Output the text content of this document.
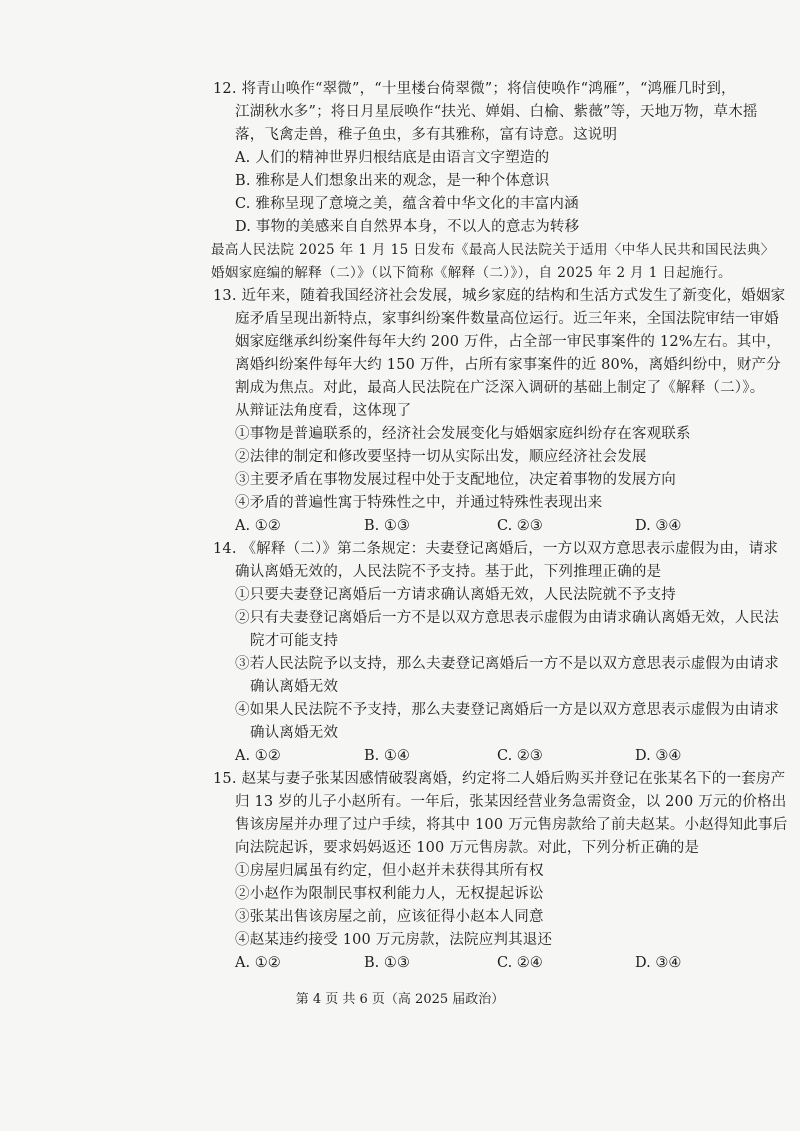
12. 将青山唤作“翠微”，“十里楼台倚翠微”；将信使唤作“鸿雁”，“鸿雁几时到，
江湖秋水多”；将日月星辰唤作“扶光、婵娟、白榆、紫薇”等，天地万物，草木摇
落，飞禽走兽，稚子鱼虫，多有其雅称，富有诗意。这说明
A. 人们的精神世界归根结底是由语言文字塑造的
B. 雅称是人们想象出来的观念，是一种个体意识
C. 雅称呈现了意境之美，蕴含着中华文化的丰富内涵
D. 事物的美感来自自然界本身，不以人的意志为转移
最高人民法院 2025 年 1 月 15 日发布《最高人民法院关于适用〈中华人民共和国民法典〉
婚姻家庭编的解释（二）》（以下简称《解释（二）》），自 2025 年 2 月 1 日起施行。
13. 近年来，随着我国经济社会发展，城乡家庭的结构和生活方式发生了新变化，婚姻家
庭矛盾呈现出新特点，家事纠纷案件数量高位运行。近三年来，全国法院审结一审婚
姻家庭继承纠纷案件每年大约 200 万件，占全部一审民事案件的 12%左右。其中，
离婚纠纷案件每年大约 150 万件，占所有家事案件的近 80%，离婚纠纷中，财产分
割成为焦点。对此，最高人民法院在广泛深入调研的基础上制定了《解释（二）》。
从辩证法角度看，这体现了
①事物是普遍联系的，经济社会发展变化与婚姻家庭纠纷存在客观联系
②法律的制定和修改要坚持一切从实际出发，顺应经济社会发展
③主要矛盾在事物发展过程中处于支配地位，决定着事物的发展方向
④矛盾的普遍性寓于特殊性之中，并通过特殊性表现出来
A. ①②	B. ①③	C. ②③	D. ③④
14. 《解释（二）》第二条规定：夫妻登记离婚后，一方以双方意思表示虚假为由，请求
确认离婚无效的，人民法院不予支持。基于此，下列推理正确的是
①只要夫妻登记离婚后一方请求确认离婚无效，人民法院就不予支持
②只有夫妻登记离婚后一方不是以双方意思表示虚假为由请求确认离婚无效，人民法
院才可能支持
③若人民法院予以支持，那么夫妻登记离婚后一方不是以双方意思表示虚假为由请求
确认离婚无效
④如果人民法院不予支持，那么夫妻登记离婚后一方是以双方意思表示虚假为由请求
确认离婚无效
A. ①②	B. ①④	C. ②③	D. ③④
15. 赵某与妻子张某因感情破裂离婚，约定将二人婚后购买并登记在张某名下的一套房产
归 13 岁的儿子小赵所有。一年后，张某因经营业务急需资金，以 200 万元的价格出
售该房屋并办理了过户手续，将其中 100 万元售房款给了前夫赵某。小赵得知此事后
向法院起诉，要求妈妈返还 100 万元售房款。对此，下列分析正确的是
①房屋归属虽有约定，但小赵并未获得其所有权
②小赵作为限制民事权利能力人，无权提起诉讼
③张某出售该房屋之前，应该征得小赵本人同意
④赵某违约接受 100 万元房款，法院应判其退还
A. ①②	B. ①③	C. ②④	D. ③④
第 4 页 共 6 页（高 2025 届政治）
